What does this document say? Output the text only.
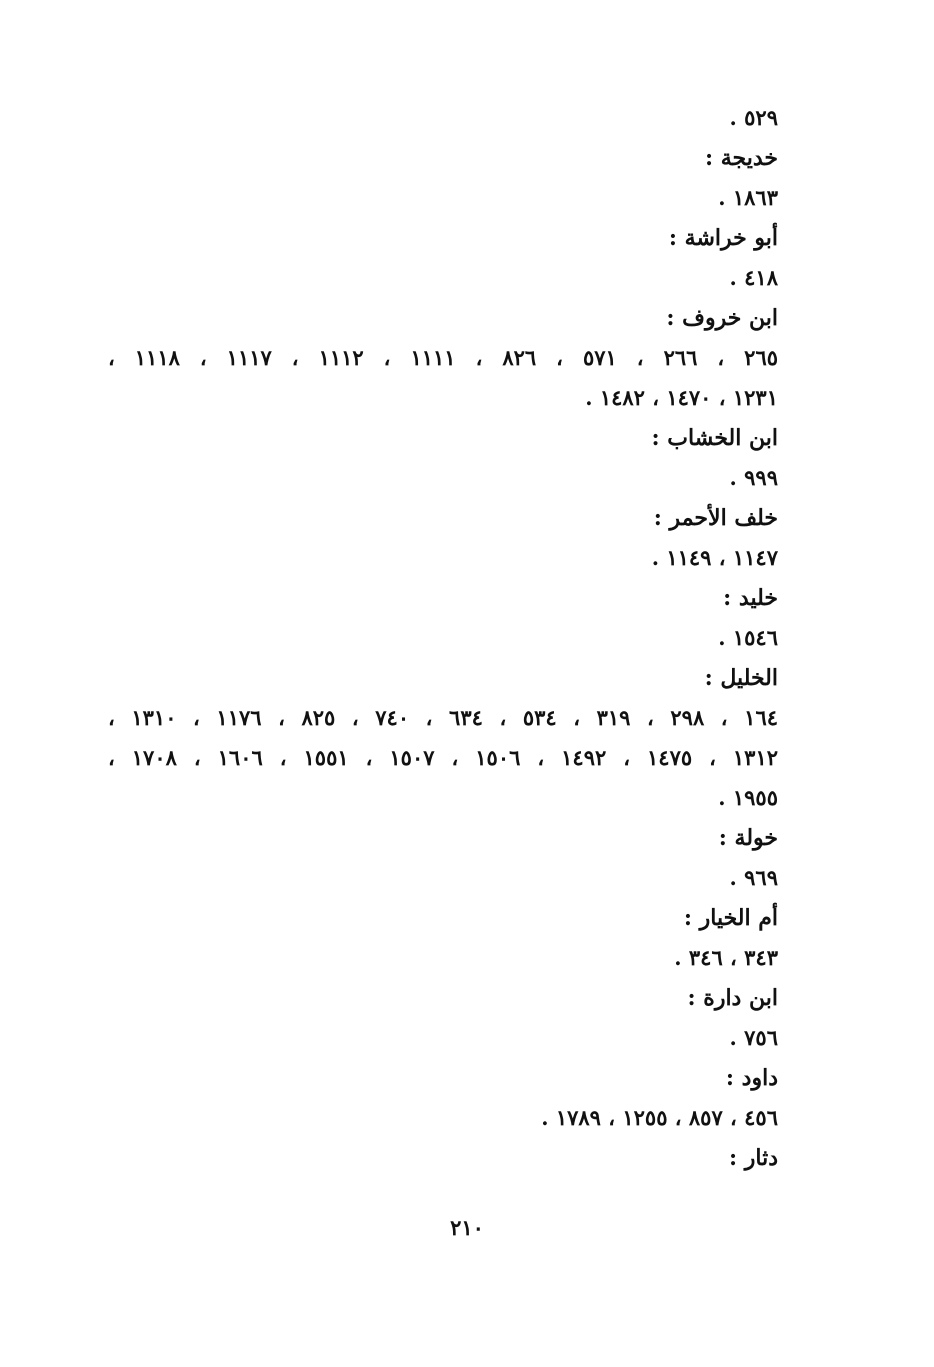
٥٢٩ .
خديجة :
١٨٦٣ .
أبو خراشة :
٤١٨ .
ابن خروف :
٢٦٥ ، ٢٦٦ ، ٥٧١ ، ٨٢٦ ، ١١١١ ، ١١١٢ ، ١١١٧ ، ١١١٨ ،
١٢٣١ ، ١٤٧٠ ، ١٤٨٢ .
ابن الخشاب :
٩٩٩ .
خلف الأحمر :
١١٤٧ ، ١١٤٩ .
خليد :
١٥٤٦ .
الخليل :
١٦٤ ، ٢٩٨ ، ٣١٩ ، ٥٣٤ ، ٦٣٤ ، ٧٤٠ ، ٨٢٥ ، ١١٧٦ ، ١٣١٠ ،
١٣١٢ ، ١٤٧٥ ، ١٤٩٢ ، ١٥٠٦ ، ١٥٠٧ ، ١٥٥١ ، ١٦٠٦ ، ١٧٠٨ ،
١٩٥٥ .
خولة :
٩٦٩ .
أم الخيار :
٣٤٣ ، ٣٤٦ .
ابن دارة :
٧٥٦ .
داود :
٤٥٦ ، ٨٥٧ ، ١٢٥٥ ، ١٧٨٩ .
دثار :
٢١٠
